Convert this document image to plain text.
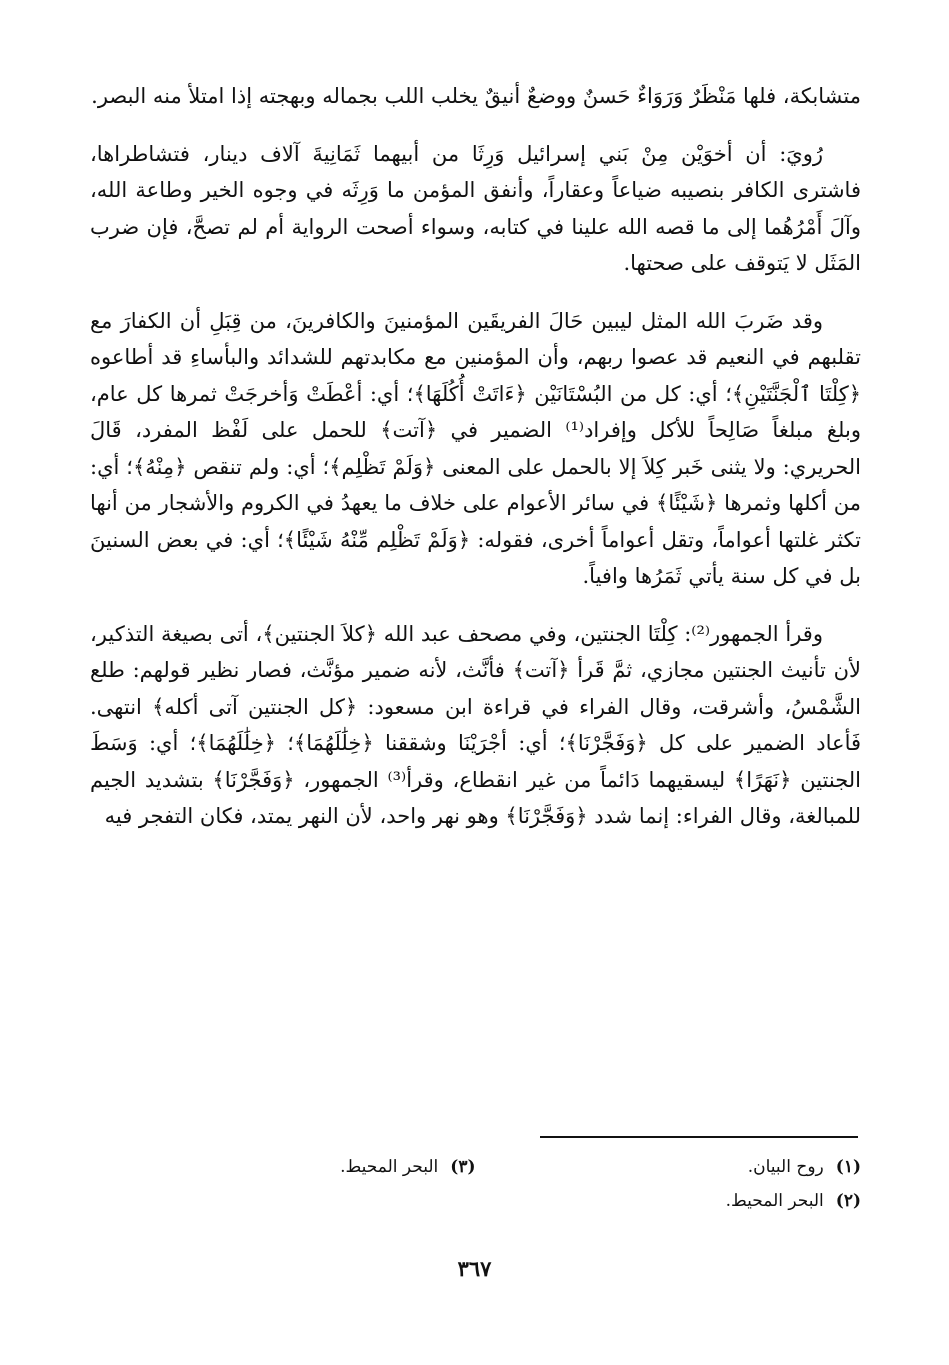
متشابكة، فلها مَنْظَرٌ وَرَوَاءٌ حَسنٌ ووضعٌ أنيقٌ يخلب اللب بجماله وبهجته إذا امتلأ منه البصر.

رُويَ: أن أخوَيْن مِنْ بَني إسرائيل وَرِثَا من أبيهما ثَمَانِيةَ آلاف دينار، فتشاطراها، فاشترى الكافر بنصيبه ضياعاً وعقاراً، وأنفق المؤمن ما وَرِثَه في وجوه الخير وطاعة الله، وآلَ أَمْرُهُما إلى ما قصه الله علينا في كتابه، وسواء أصحت الرواية أم لم تصحَّ، فإن ضرب المَثَل لا يَتوقف على صحتها.

وقد ضَربَ الله المثل ليبين حَالَ الفريقَين المؤمنينَ والكافرينَ، من قِبَلِ أن الكفارَ مع تقلبهم في النعيم قد عصوا ربهم، وأن المؤمنين مع مكابدتهم للشدائد والبأساءِ قد أطاعوه ﴿كِلْتَا ٱلْجَنَّتَيْنِ﴾؛ أي: كل من البُسْتَانَيْن ﴿ءَاتَتْ أُكُلَهَا﴾؛ أي: أعْطَتْ وَأخرجَتْ ثمرها كل عام، وبلغ مبلغاً صَالِحاً للأكل وإفراد⁽¹⁾ الضمير في ﴿آتت﴾ للحمل على لَفْظ المفرد، قَالَ الحريري: ولا يثنى خَبر كِلاَ إلا بالحمل على المعنى ﴿وَلَمْ تَظْلِم﴾؛ أي: ولم تنقص ﴿مِنْهُ﴾؛ أي: من أكلها وثمرها ﴿شَيْئًا﴾ في سائر الأعوام على خلاف ما يعهدُ في الكروم والأشجار من أنها تكثر غلتها أعواماً، وتقل أعواماً أخرى، فقوله: ﴿وَلَمْ تَظْلِم مِّنْهُ شَيْئًا﴾؛ أي: في بعض السنينَ بل في كل سنة يأتي ثَمَرُها وافياً.

وقرأ الجمهور⁽²⁾: كِلْتَا الجنتين، وفي مصحف عبد الله ﴿كلاَ الجنتين﴾، أتى بصيغة التذكير، لأن تأنيث الجنتين مجازي، ثمَّ قَرأ ﴿آتت﴾ فأنَّث، لأنه ضمير مؤنَّث، فصار نظير قولهم: طلع الشَّمْسُ، وأشرقت، وقال الفراء في قراءة ابن مسعود: ﴿كل الجنتين آتى أكله﴾ انتهى. فَأعاد الضمير على كل ﴿وَفَجَّرْنَا﴾؛ أي: أجْرَيْنَا وشققنا ﴿خِلَٰلَهُمَا﴾؛ ﴿خِلَٰلَهُمَا﴾؛ أي: وَسَطَ الجنتين ﴿نَهَرًا﴾ ليسقيهما دَائماً من غير انقطاع، وقرأ⁽³⁾ الجمهور، ﴿وَفَجَّرْنَا﴾ بتشديد الجيم للمبالغة، وقال الفراء: إنما شدد ﴿وَفَجَّرْنَا﴾ وهو نهر واحد، لأن النهر يمتد، فكان التفجر فيه

(١)روح البيان.
(٣)البحر المحيط.
(٢)البحر المحيط.
٣٦٧
